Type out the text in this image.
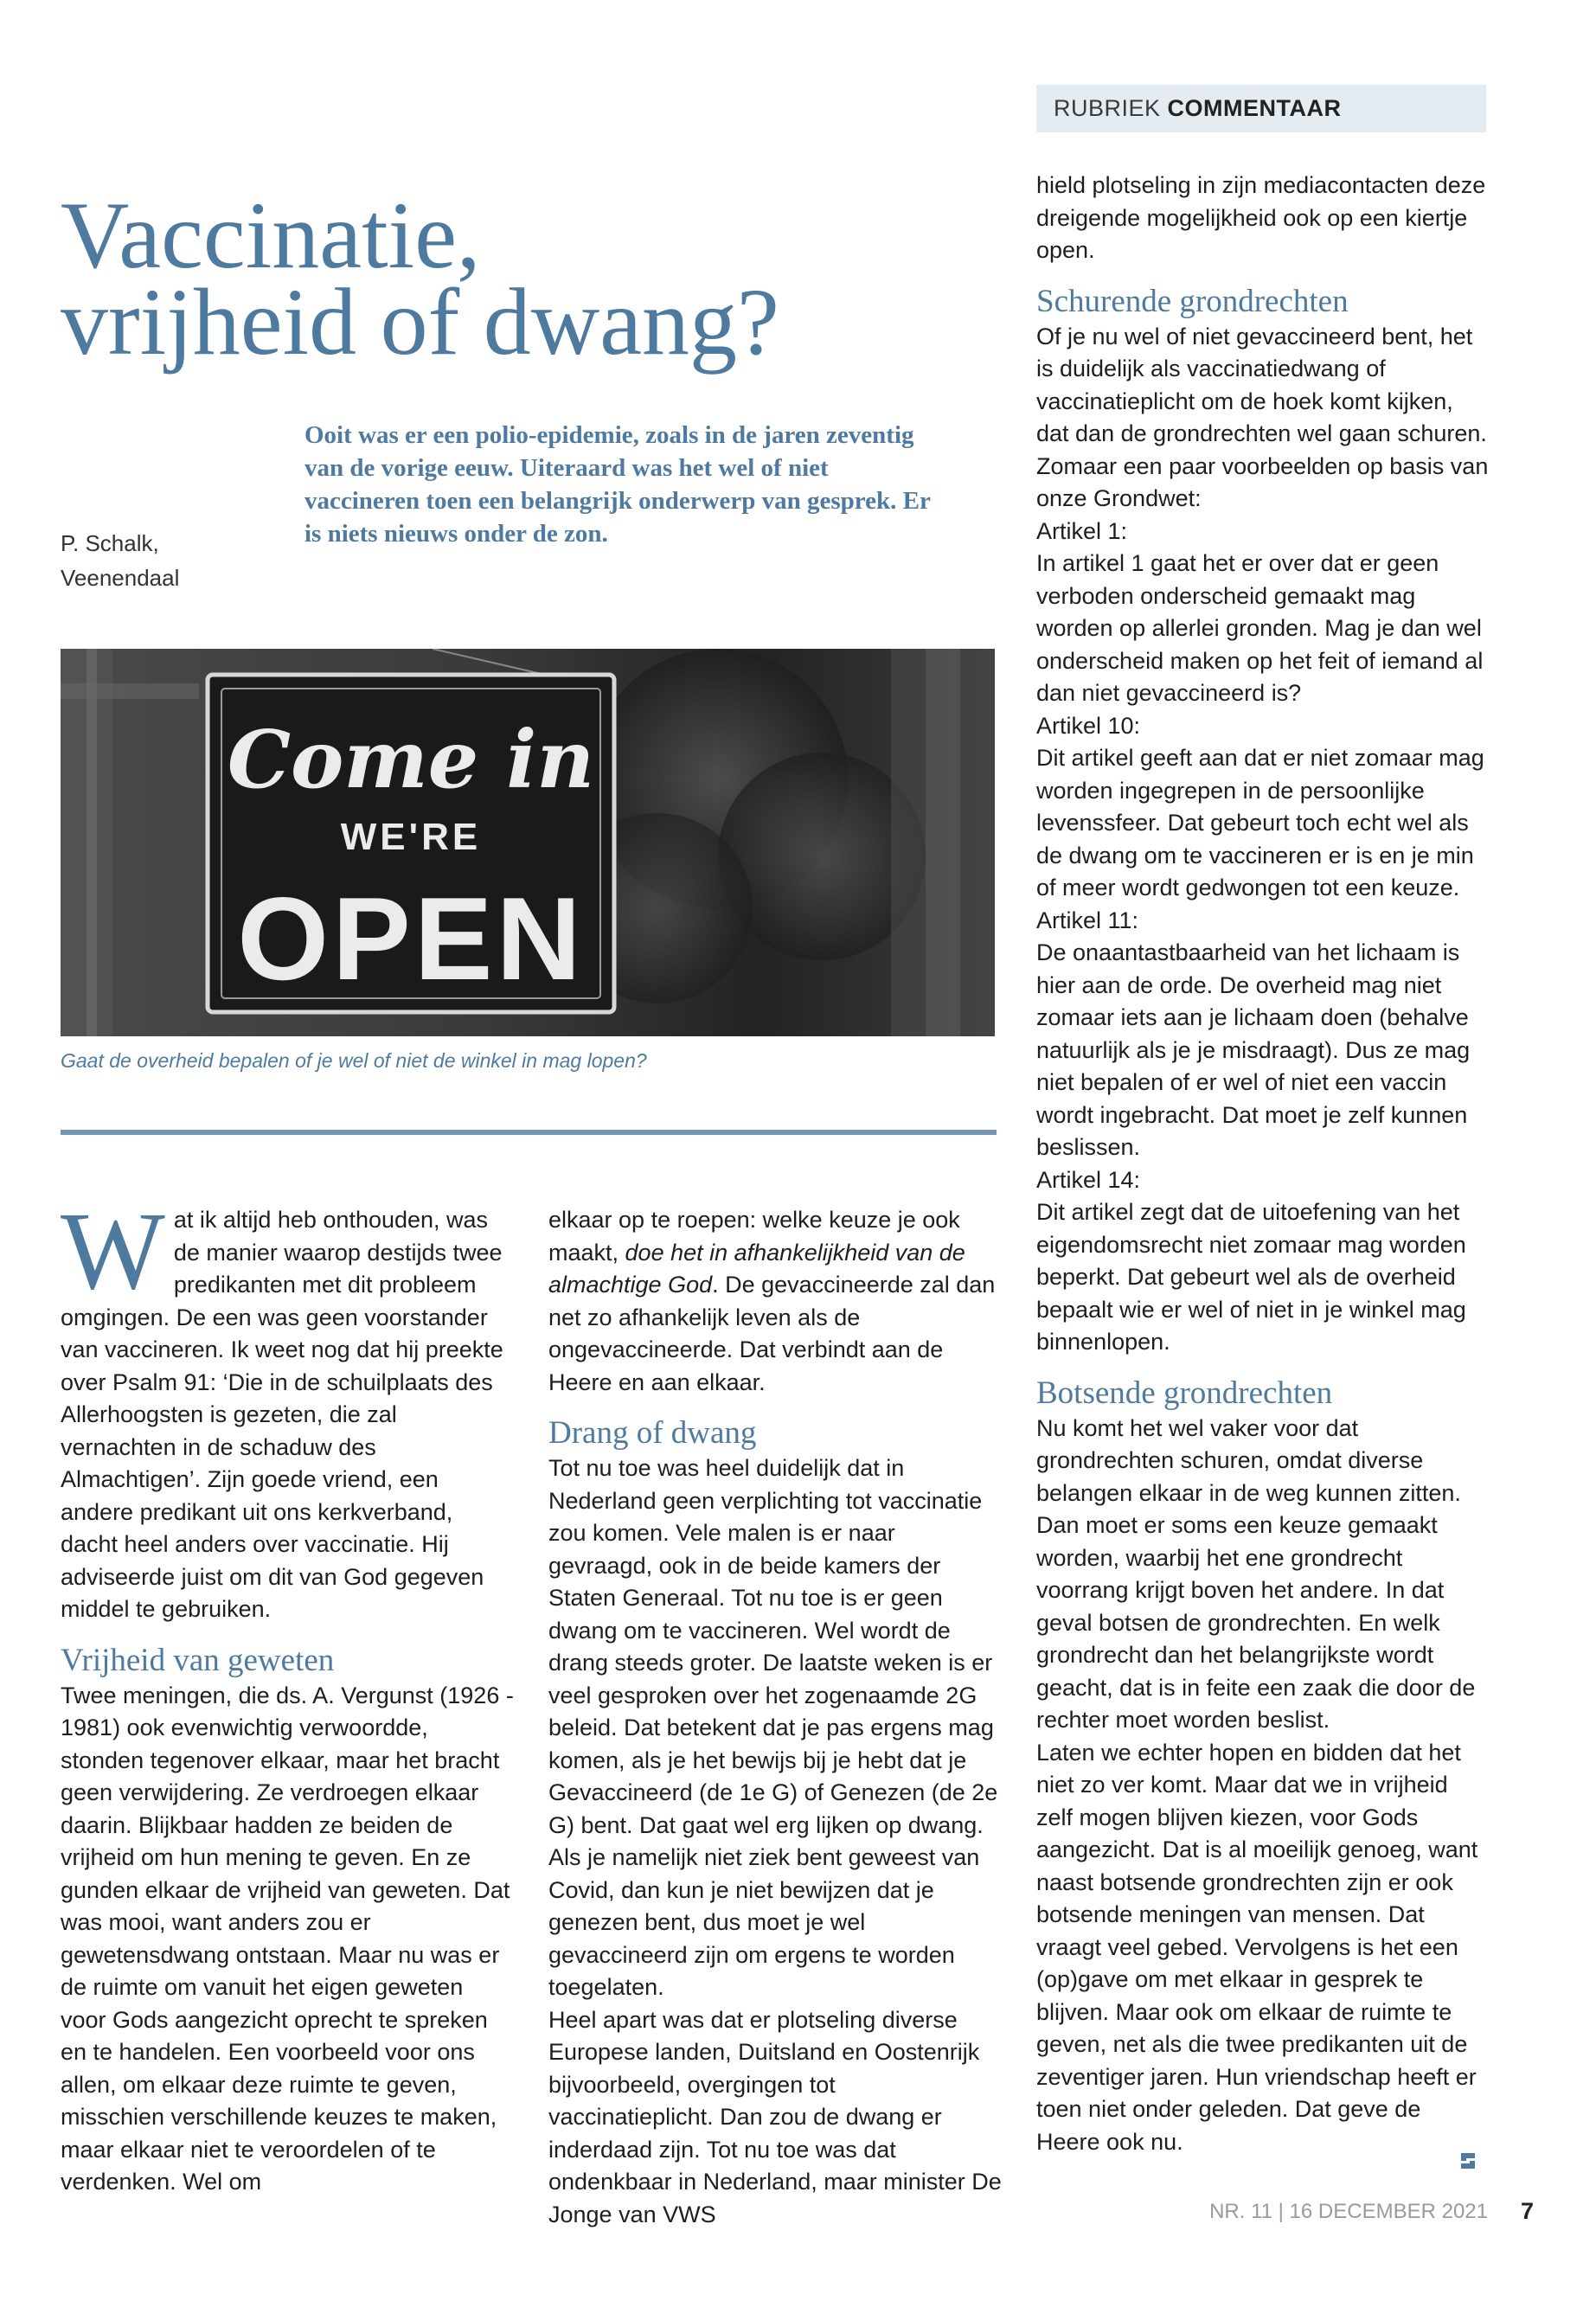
RUBRIEK COMMENTAAR
Vaccinatie,
vrijheid of dwang?
P. Schalk,
Veenendaal
Ooit was er een polio-epidemie, zoals in de jaren zeventig van de vorige eeuw. Uiteraard was het wel of niet vaccineren toen een belangrijk onderwerp van gesprek. Er is niets nieuws onder de zon.
Come in
WE'RE
OPEN
Gaat de overheid bepalen of je wel of niet de winkel in mag lopen?
W at ik altijd heb onthouden, was de manier waarop destijds twee predikanten met dit probleem omgingen. De een was geen voorstander van vaccineren. Ik weet nog dat hij preekte over Psalm 91: ‘Die in de schuilplaats des Allerhoogsten is gezeten, die zal vernachten in de schaduw des Almachtigen’. Zijn goede vriend, een andere predikant uit ons kerkverband, dacht heel anders over vaccinatie. Hij adviseerde juist om dit van God gegeven middel te gebruiken.

Vrijheid van geweten

Twee meningen, die ds. A. Vergunst (1926 - 1981) ook evenwichtig verwoordde, stonden tegenover elkaar, maar het bracht geen verwijdering. Ze verdroegen elkaar daarin. Blijkbaar hadden ze beiden de vrijheid om hun mening te geven. En ze gunden elkaar de vrijheid van geweten. Dat was mooi, want anders zou er gewetensdwang ontstaan. Maar nu was er de ruimte om vanuit het eigen geweten voor Gods aangezicht oprecht te spreken en te handelen. Een voorbeeld voor ons allen, om elkaar deze ruimte te geven, misschien verschillende keuzes te maken, maar elkaar niet te veroordelen of te verdenken. Wel om

elkaar op te roepen: welke keuze je ook maakt, doe het in afhankelijkheid van de almachtige God. De gevaccineerde zal dan net zo afhankelijk leven als de ongevaccineerde. Dat verbindt aan de Heere en aan elkaar.

Drang of dwang

Tot nu toe was heel duidelijk dat in Nederland geen verplichting tot vaccinatie zou komen. Vele malen is er naar gevraagd, ook in de beide kamers der Staten Generaal. Tot nu toe is er geen dwang om te vaccineren. Wel wordt de drang steeds groter. De laatste weken is er veel gesproken over het zogenaamde 2G beleid. Dat betekent dat je pas ergens mag komen, als je het bewijs bij je hebt dat je Gevaccineerd (de 1e G) of Genezen (de 2e G) bent. Dat gaat wel erg lijken op dwang. Als je namelijk niet ziek bent geweest van Covid, dan kun je niet bewijzen dat je genezen bent, dus moet je wel gevaccineerd zijn om ergens te worden toegelaten.

Heel apart was dat er plotseling diverse Europese landen, Duitsland en Oostenrijk bijvoorbeeld, overgingen tot vaccinatieplicht. Dan zou de dwang er inderdaad zijn. Tot nu toe was dat ondenkbaar in Nederland, maar minister De Jonge van VWS

hield plotseling in zijn mediacontacten deze dreigende mogelijkheid ook op een kiertje open.

Schurende grondrechten

Of je nu wel of niet gevaccineerd bent, het is duidelijk als vaccinatiedwang of vaccinatieplicht om de hoek komt kijken, dat dan de grondrechten wel gaan schuren. Zomaar een paar voorbeelden op basis van onze Grondwet:

Artikel 1:

In artikel 1 gaat het er over dat er geen verboden onderscheid gemaakt mag worden op allerlei gronden. Mag je dan wel onderscheid maken op het feit of iemand al dan niet gevaccineerd is?

Artikel 10:

Dit artikel geeft aan dat er niet zomaar mag worden ingegrepen in de persoonlijke levenssfeer. Dat gebeurt toch echt wel als de dwang om te vaccineren er is en je min of meer wordt gedwongen tot een keuze.

Artikel 11:

De onaantastbaarheid van het lichaam is hier aan de orde. De overheid mag niet zomaar iets aan je lichaam doen (behalve natuurlijk als je je misdraagt). Dus ze mag niet bepalen of er wel of niet een vaccin wordt ingebracht. Dat moet je zelf kunnen beslissen.

Artikel 14:

Dit artikel zegt dat de uitoefening van het eigendomsrecht niet zomaar mag worden beperkt. Dat gebeurt wel als de overheid bepaalt wie er wel of niet in je winkel mag binnenlopen.

Botsende grondrechten

Nu komt het wel vaker voor dat grondrechten schuren, omdat diverse belangen elkaar in de weg kunnen zitten. Dan moet er soms een keuze gemaakt worden, waarbij het ene grondrecht voorrang krijgt boven het andere. In dat geval botsen de grondrechten. En welk grondrecht dan het belangrijkste wordt geacht, dat is in feite een zaak die door de rechter moet worden beslist.

Laten we echter hopen en bidden dat het niet zo ver komt. Maar dat we in vrijheid zelf mogen blijven kiezen, voor Gods aangezicht. Dat is al moeilijk genoeg, want naast botsende grondrechten zijn er ook botsende meningen van mensen. Dat vraagt veel gebed. Vervolgens is het een (op)gave om met elkaar in gesprek te blijven. Maar ook om elkaar de ruimte te geven, net als die twee predikanten uit de zeventiger jaren. Hun vriendschap heeft er toen niet onder geleden. Dat geve de Heere ook nu.

NR. 11 | 16 DECEMBER 2021 7
